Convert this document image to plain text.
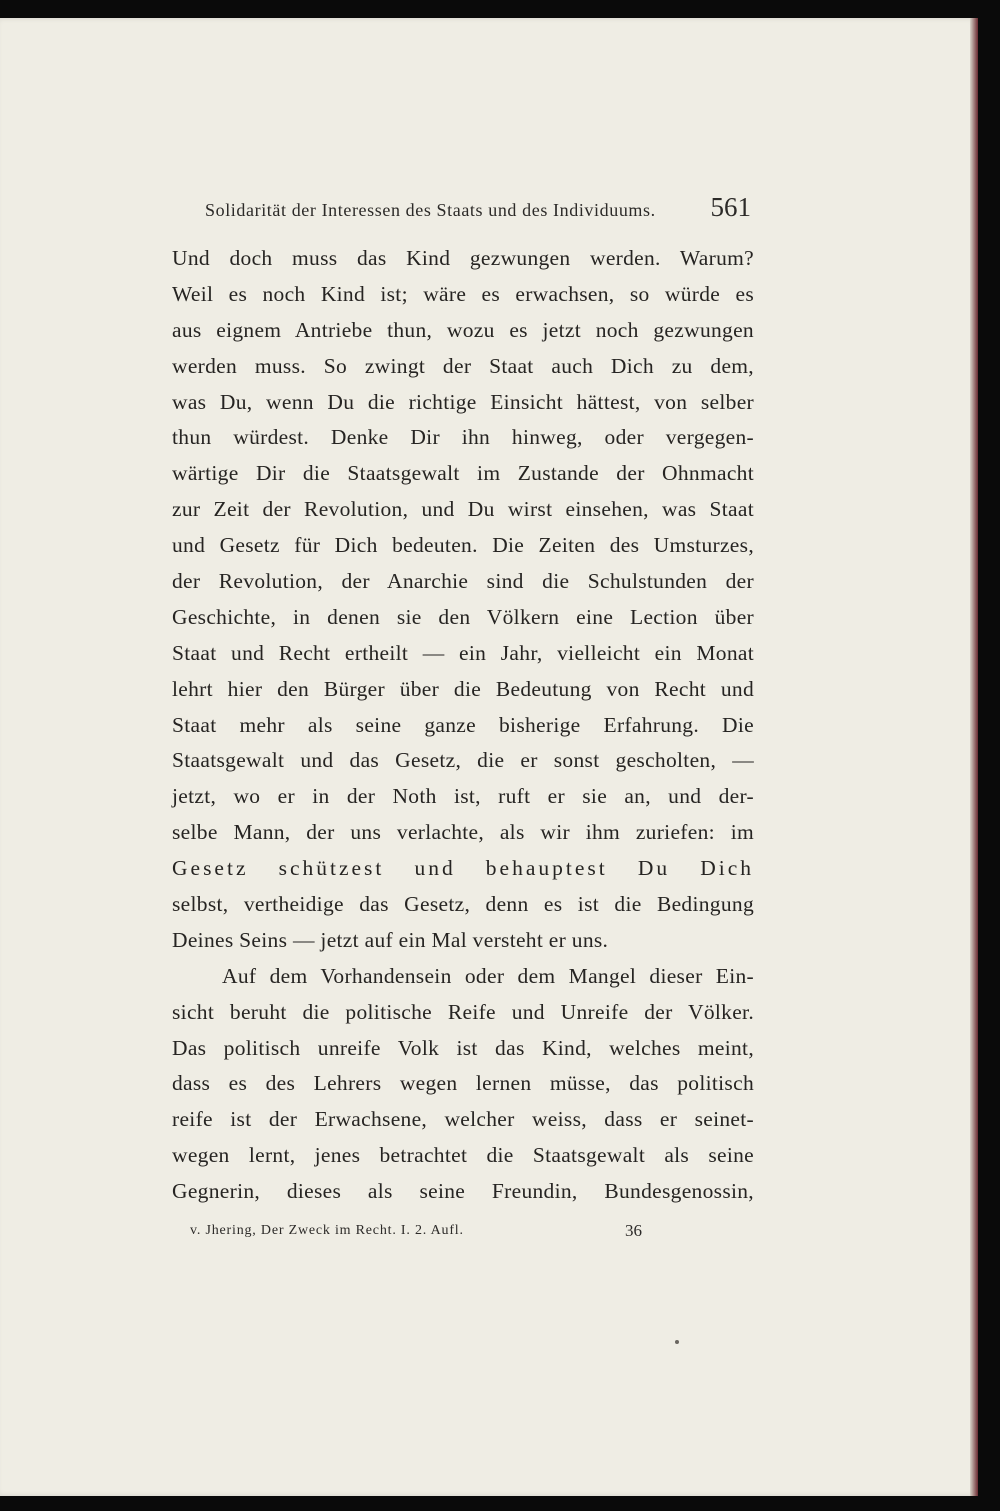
Solidarität der Interessen des Staats und des Individuums. 561
Und doch muss das Kind gezwungen werden. Warum?
Weil es noch Kind ist; wäre es erwachsen, so würde es
aus eignem Antriebe thun, wozu es jetzt noch gezwungen
werden muss. So zwingt der Staat auch Dich zu dem,
was Du, wenn Du die richtige Einsicht hättest, von selber
thun würdest. Denke Dir ihn hinweg, oder vergegen-
wärtige Dir die Staatsgewalt im Zustande der Ohnmacht
zur Zeit der Revolution, und Du wirst einsehen, was Staat
und Gesetz für Dich bedeuten. Die Zeiten des Umsturzes,
der Revolution, der Anarchie sind die Schulstunden der
Geschichte, in denen sie den Völkern eine Lection über
Staat und Recht ertheilt — ein Jahr, vielleicht ein Monat
lehrt hier den Bürger über die Bedeutung von Recht und
Staat mehr als seine ganze bisherige Erfahrung. Die
Staatsgewalt und das Gesetz, die er sonst gescholten, —
jetzt, wo er in der Noth ist, ruft er sie an, und der-
selbe Mann, der uns verlachte, als wir ihm zuriefen: im
Gesetz schützest und behauptest Du Dich
selbst, vertheidige das Gesetz, denn es ist die Bedingung
Deines Seins — jetzt auf ein Mal versteht er uns.
Auf dem Vorhandensein oder dem Mangel dieser Ein-
sicht beruht die politische Reife und Unreife der Völker.
Das politisch unreife Volk ist das Kind, welches meint,
dass es des Lehrers wegen lernen müsse, das politisch
reife ist der Erwachsene, welcher weiss, dass er seinet-
wegen lernt, jenes betrachtet die Staatsgewalt als seine
Gegnerin, dieses als seine Freundin, Bundesgenossin,
v. Jhering, Der Zweck im Recht. I. 2. Aufl.	36
